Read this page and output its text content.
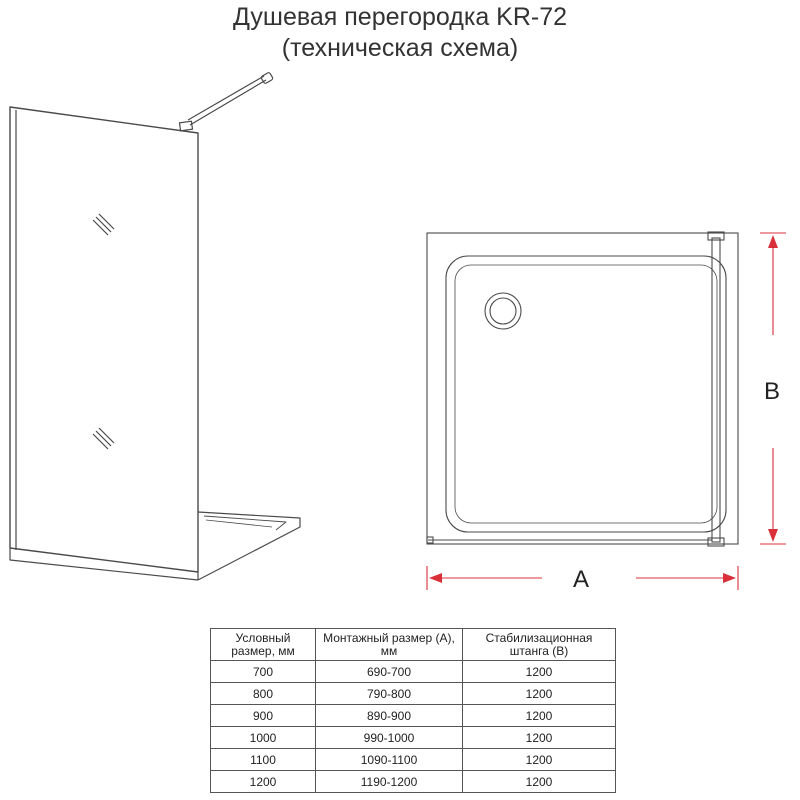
Душевая перегородка KR-72
(техническая схема)
A
B
Условный размер, мм	Монтажный размер (А), мм	Стабилизационная штанга (В)
700	690-700	1200
800	790-800	1200
900	890-900	1200
1000	990-1000	1200
1100	1090-1100	1200
1200	1190-1200	1200
